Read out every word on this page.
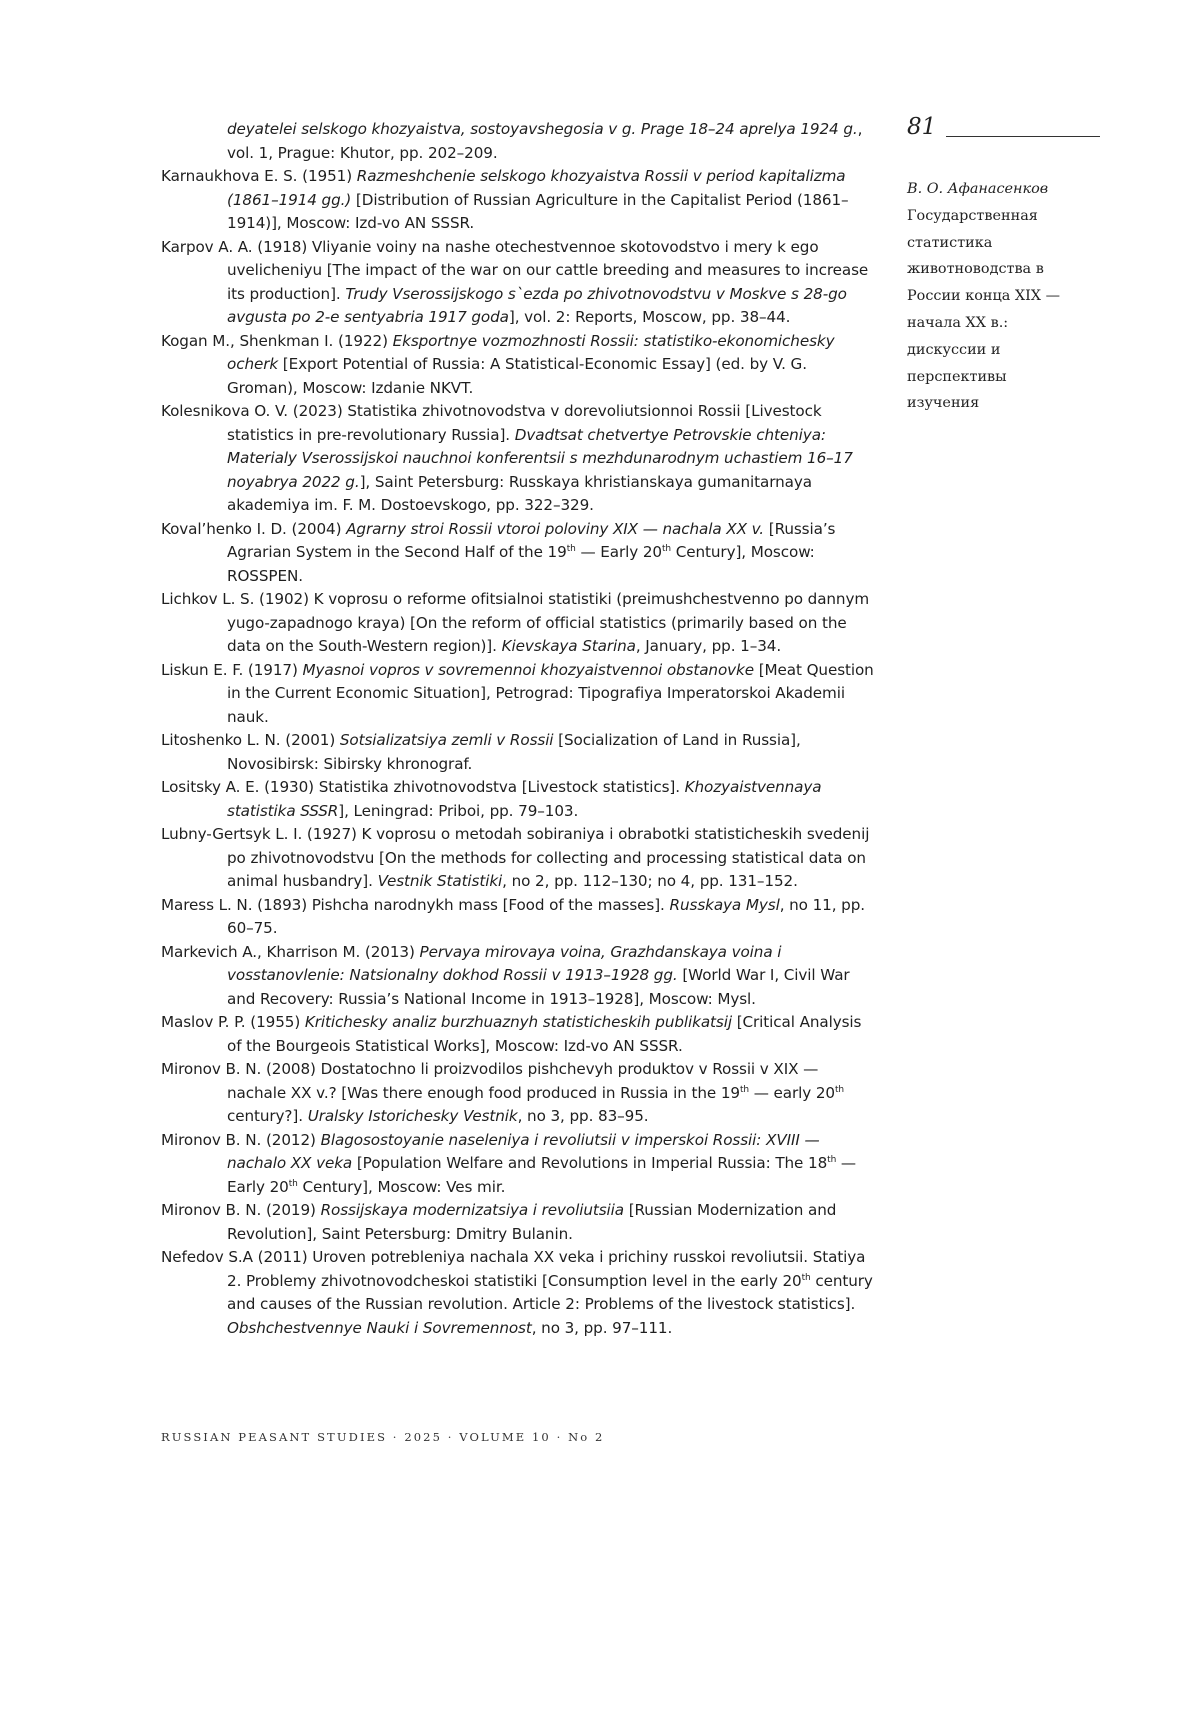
81
В. О. Афанасенков
Государственная статистика животноводства в России конца XIX — начала XX в.: дискуссии и перспективы изучения

deyatelei selskogo khozyaistva, sostoyavshegosia v g. Prage 18–24 aprelya 1924 g., vol. 1, Prague: Khutor, pp. 202–209.

Karnaukhova E. S. (1951) Razmeshchenie selskogo khozyaistva Rossii v period kapitalizma (1861–1914 gg.) [Distribution of Russian Agriculture in the Capitalist Period (1861–1914)], Moscow: Izd-vo AN SSSR.

Karpov A. A. (1918) Vliyanie voiny na nashe otechestvennoe skotovodstvo i mery k ego uvelicheniyu [The impact of the war on our cattle breeding and measures to increase its production]. Trudy Vserossijskogo s`ezda po zhivotnovodstvu v Moskve s 28-go avgusta po 2-e sentyabria 1917 goda], vol. 2: Reports, Moscow, pp. 38–44.

Kogan M., Shenkman I. (1922) Eksportnye vozmozhnosti Rossii: statistiko-ekonomichesky ocherk [Export Potential of Russia: A Statistical-Economic Essay] (ed. by V. G. Groman), Moscow: Izdanie NKVT.

Kolesnikova O. V. (2023) Statistika zhivotnovodstva v dorevoliutsionnoi Rossii [Livestock statistics in pre-revolutionary Russia]. Dvadtsat chetvertye Petrovskie chteniya: Materialy Vserossijskoi nauchnoi konferentsii s mezhdunarodnym uchastiem 16–17 noyabrya 2022 g.], Saint Petersburg: Russkaya khristianskaya gumanitarnaya akademiya im. F. M. Dostoevskogo, pp. 322–329.

Koval’henko I. D. (2004) Agrarny stroi Rossii vtoroi poloviny XIX — nachala XX v. [Russia’s Agrarian System in the Second Half of the 19th — Early 20th Century], Moscow: ROSSPEN.

Lichkov L. S. (1902) K voprosu o reforme ofitsialnoi statistiki (preimushchestvenno po dannym yugo-zapadnogo kraya) [On the reform of official statistics (primarily based on the data on the South-Western region)]. Kievskaya Starina, January, pp. 1–34.

Liskun E. F. (1917) Myasnoi vopros v sovremennoi khozyaistvennoi obstanovke [Meat Question in the Current Economic Situation], Petrograd: Tipografiya Imperatorskoi Akademii nauk.

Litoshenko L. N. (2001) Sotsializatsiya zemli v Rossii [Socialization of Land in Russia], Novosibirsk: Sibirsky khronograf.

Lositsky A. E. (1930) Statistika zhivotnovodstva [Livestock statistics]. Khozyaistvennaya statistika SSSR], Leningrad: Priboi, pp. 79–103.

Lubny-Gertsyk L. I. (1927) K voprosu o metodah sobiraniya i obrabotki statisticheskih svedenij po zhivotnovodstvu [On the methods for collecting and processing statistical data on animal husbandry]. Vestnik Statistiki, no 2, pp. 112–130; no 4, pp. 131–152.

Maress L. N. (1893) Pishcha narodnykh mass [Food of the masses]. Russkaya Mysl, no 11, pp. 60–75.

Markevich A., Kharrison M. (2013) Pervaya mirovaya voina, Grazhdanskaya voina i vosstanovlenie: Natsionalny dokhod Rossii v 1913–1928 gg. [World War I, Civil War and Recovery: Russia’s National Income in 1913–1928], Moscow: Mysl.

Maslov P. P. (1955) Kritichesky analiz burzhuaznyh statisticheskih publikatsij [Critical Analysis of the Bourgeois Statistical Works], Moscow: Izd-vo AN SSSR.

Mironov B. N. (2008) Dostatochno li proizvodilos pishchevyh produktov v Rossii v XIX — nachale XX v.? [Was there enough food produced in Russia in the 19th — early 20th century?]. Uralsky Istorichesky Vestnik, no 3, pp. 83–95.

Mironov B. N. (2012) Blagosostoyanie naseleniya i revoliutsii v imperskoi Rossii: XVIII — nachalo XX veka [Population Welfare and Revolutions in Imperial Russia: The 18th — Early 20th Century], Moscow: Ves mir.

Mironov B. N. (2019) Rossijskaya modernizatsiya i revoliutsiia [Russian Modernization and Revolution], Saint Petersburg: Dmitry Bulanin.

Nefedov S.A (2011) Uroven potrebleniya nachala XX veka i prichiny russkoi revoliutsii. Statiya 2. Problemy zhivotnovodcheskoi statistiki [Consumption level in the early 20th century and causes of the Russian revolution. Article 2: Problems of the livestock statistics]. Obshchestvennye Nauki i Sovremennost, no 3, pp. 97–111.

RUSSIAN PEASANT STUDIES · 2025 · VOLUME 10 · No 2
